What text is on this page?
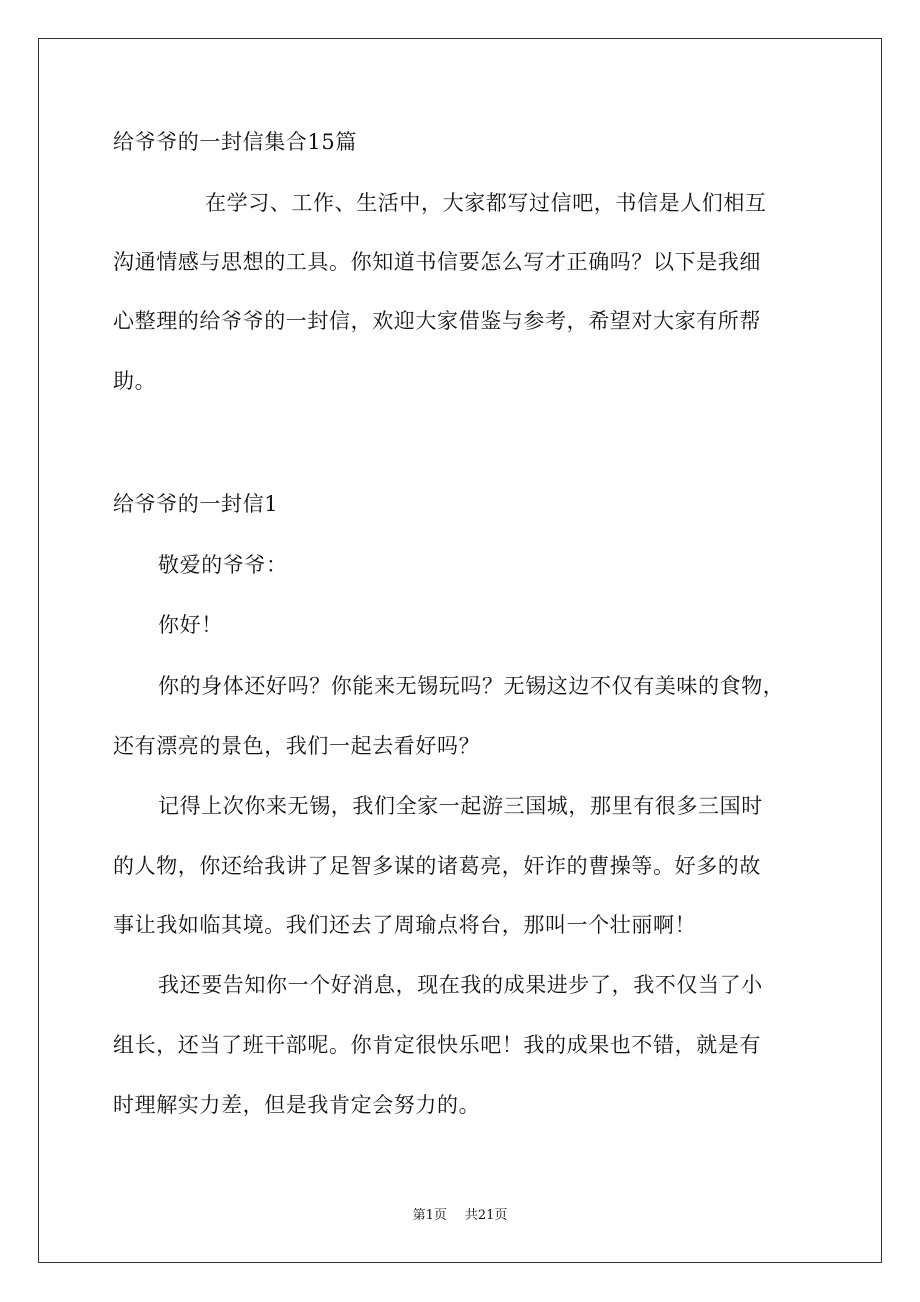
给爷爷的一封信集合15篇
在学习、工作、生活中，大家都写过信吧，书信是人们相互
沟通情感与思想的工具。你知道书信要怎么写才正确吗？以下是我细
心整理的给爷爷的一封信，欢迎大家借鉴与参考，希望对大家有所帮
助。
给爷爷的一封信1
敬爱的爷爷：
你好！
你的身体还好吗？你能来无锡玩吗？无锡这边不仅有美味的食物，
还有漂亮的景色，我们一起去看好吗？
记得上次你来无锡，我们全家一起游三国城，那里有很多三国时
的人物，你还给我讲了足智多谋的诸葛亮，奸诈的曹操等。好多的故
事让我如临其境。我们还去了周瑜点将台，那叫一个壮丽啊！
我还要告知你一个好消息，现在我的成果进步了，我不仅当了小
组长，还当了班干部呢。你肯定很快乐吧！我的成果也不错，就是有
时理解实力差，但是我肯定会努力的。
第1页 共21页
